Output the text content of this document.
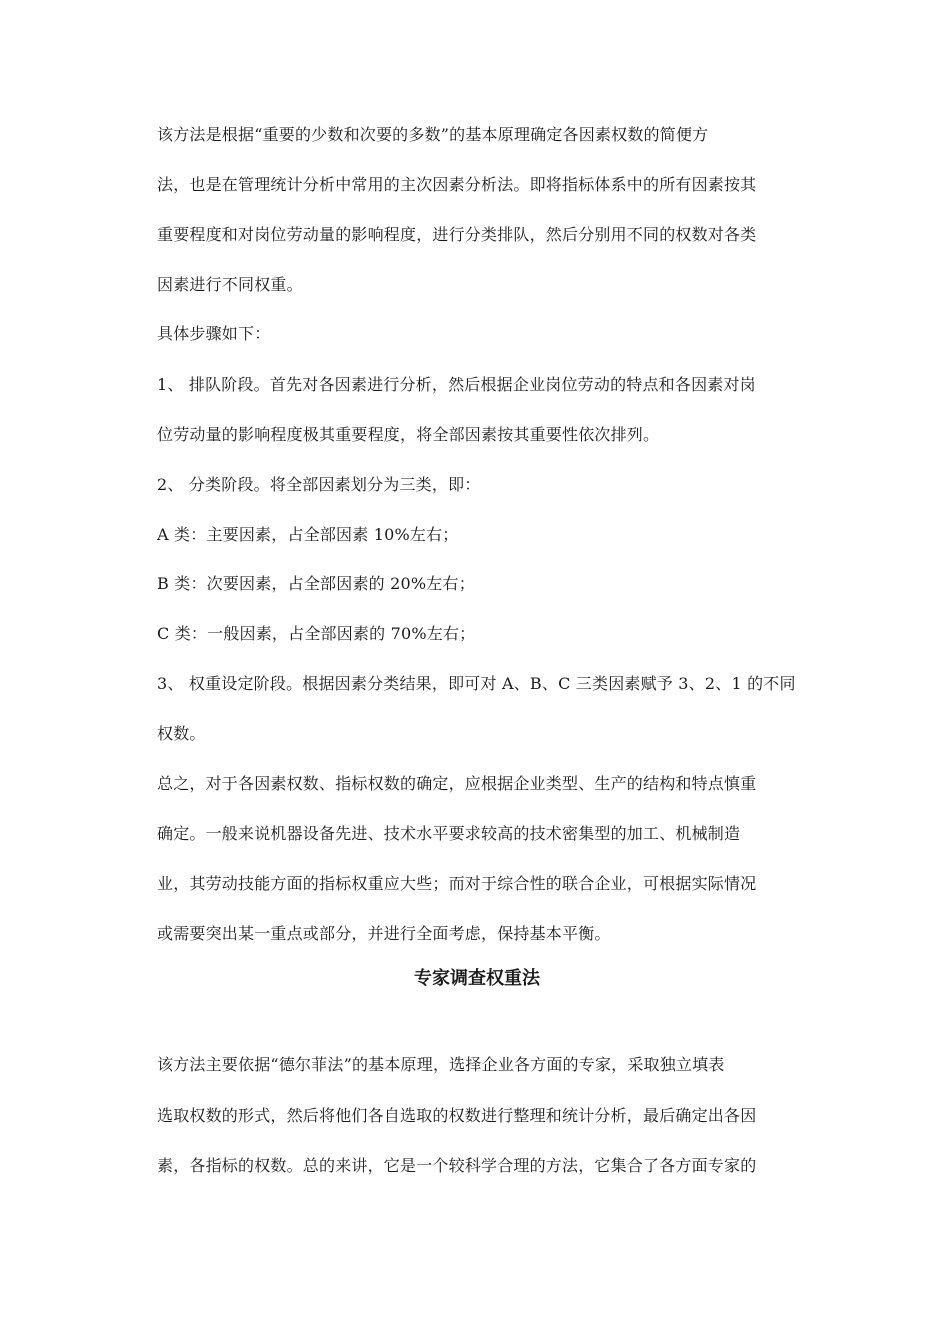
该方法是根据“重要的少数和次要的多数”的基本原理确定各因素权数的简便方
法，也是在管理统计分析中常用的主次因素分析法。即将指标体系中的所有因素按其
重要程度和对岗位劳动量的影响程度，进行分类排队，然后分别用不同的权数对各类
因素进行不同权重。
具体步骤如下：
1、 排队阶段。首先对各因素进行分析，然后根据企业岗位劳动的特点和各因素对岗
位劳动量的影响程度极其重要程度，将全部因素按其重要性依次排列。
2、 分类阶段。将全部因素划分为三类，即：
A 类：主要因素，占全部因素 10%左右；
B 类：次要因素，占全部因素的 20%左右；
C 类：一般因素，占全部因素的 70%左右；
3、 权重设定阶段。根据因素分类结果，即可对 A、B、C 三类因素赋予 3、2、1 的不同
权数。
总之，对于各因素权数、指标权数的确定，应根据企业类型、生产的结构和特点慎重
确定。一般来说机器设备先进、技术水平要求较高的技术密集型的加工、机械制造
业，其劳动技能方面的指标权重应大些；而对于综合性的联合企业，可根据实际情况
或需要突出某一重点或部分，并进行全面考虑，保持基本平衡。
专家调查权重法
该方法主要依据“德尔菲法”的基本原理，选择企业各方面的专家，采取独立填表
选取权数的形式，然后将他们各自选取的权数进行整理和统计分析，最后确定出各因
素，各指标的权数。总的来讲，它是一个较科学合理的方法，它集合了各方面专家的
